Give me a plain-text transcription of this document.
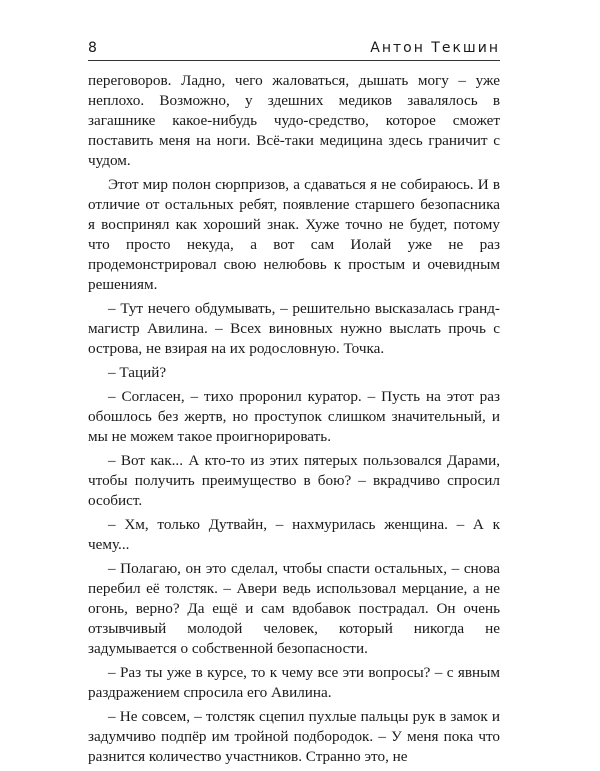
8	Антон Текшин

переговоров. Ладно, чего жаловаться, дышать могу – уже неплохо. Возможно, у здешних медиков завалялось в загашнике какое-нибудь чудо-средство, которое сможет поставить меня на ноги. Всё-таки медицина здесь граничит с чудом.

Этот мир полон сюрпризов, а сдаваться я не собираюсь. И в отличие от остальных ребят, появление старшего безопасника я воспринял как хороший знак. Хуже точно не будет, потому что просто некуда, а вот сам Иолай уже не раз продемонстрировал свою нелюбовь к простым и очевидным решениям.

– Тут нечего обдумывать, – решительно высказалась гранд-магистр Авилина. – Всех виновных нужно выслать прочь с острова, не взирая на их родословную. Точка.

– Таций?

– Согласен, – тихо проронил куратор. – Пусть на этот раз обошлось без жертв, но проступок слишком значительный, и мы не можем такое проигнорировать.

– Вот как... А кто-то из этих пятерых пользовался Дарами, чтобы получить преимущество в бою? – вкрадчиво спросил особист.

– Хм, только Дутвайн, – нахмурилась женщина. – А к чему...

– Полагаю, он это сделал, чтобы спасти остальных, – снова перебил её толстяк. – Авери ведь использовал мерцание, а не огонь, верно? Да ещё и сам вдобавок пострадал. Он очень отзывчивый молодой человек, который никогда не задумывается о собственной безопасности.

– Раз ты уже в курсе, то к чему все эти вопросы? – с явным раздражением спросила его Авилина.

– Не совсем, – толстяк сцепил пухлые пальцы рук в замок и задумчиво подпёр им тройной подбородок. – У меня пока что разнится количество участников. Странно это, не
